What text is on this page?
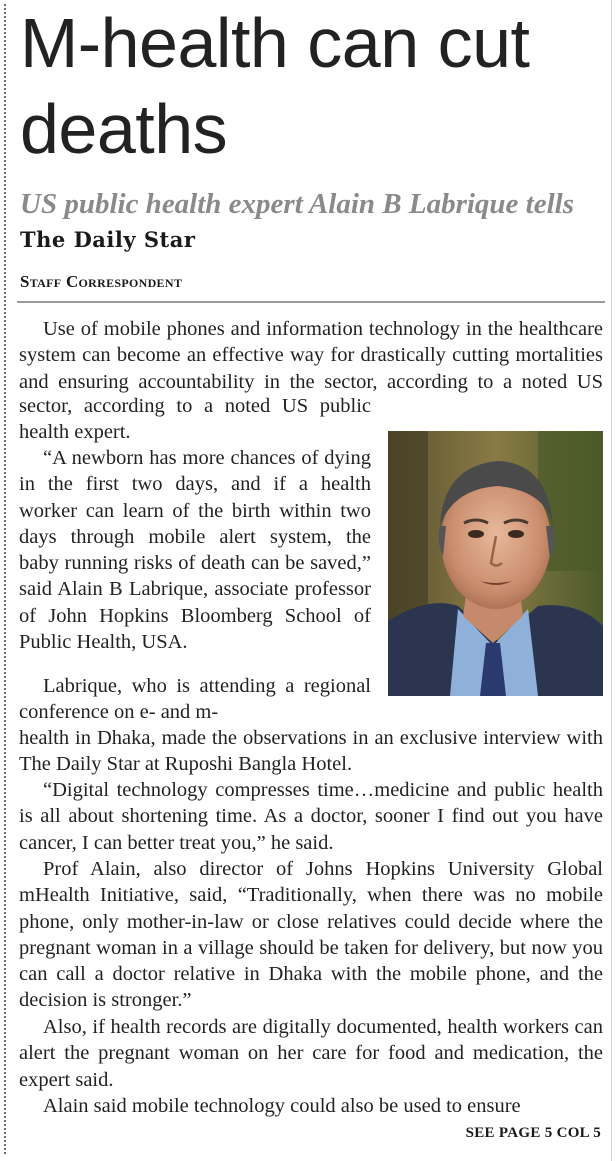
M-health can cut deaths

US public health expert Alain B Labrique tells The Daily Star

Staff Correspondent

Use of mobile phones and information technology in the healthcare system can become an effective way for drastically cutting mortalities and ensuring accountability in the sector, according to a noted US

sector, according to a noted US public health expert.

“A newborn has more chances of dying in the first two days, and if a health worker can learn of the birth within two days through mobile alert system, the baby running risks of death can be saved,” said Alain B Labrique, associate professor of John Hopkins Bloomberg School of Public Health, USA.

Labrique, who is attending a regional conference on e- and m-

health in Dhaka, made the observations in an exclusive interview with The Daily Star at Ruposhi Bangla Hotel.

“Digital technology compresses time…medicine and public health is all about shortening time. As a doctor, sooner I find out you have cancer, I can better treat you,” he said.

Prof Alain, also director of Johns Hopkins University Global mHealth Initiative, said, “Traditionally, when there was no mobile phone, only mother-in-law or close relatives could decide where the pregnant woman in a village should be taken for delivery, but now you can call a doctor relative in Dhaka with the mobile phone, and the decision is stronger.”

Also, if health records are digitally documented, health workers can alert the pregnant woman on her care for food and medication, the expert said.

Alain said mobile technology could also be used to ensure

SEE PAGE 5 COL 5
